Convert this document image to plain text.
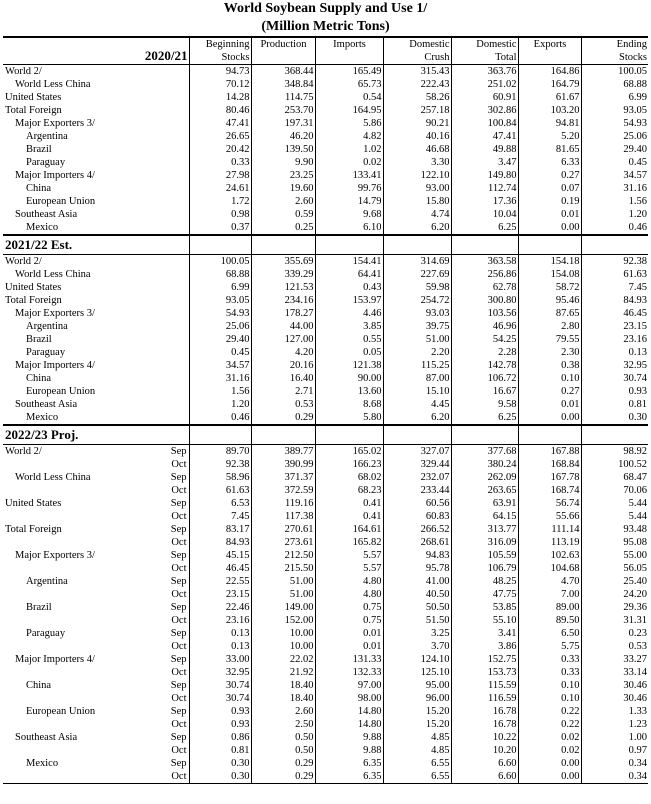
World Soybean Supply and Use 1/
(Million Metric Tons)
2020/21		Beginning	Production	Imports	Domestic	Domestic	Exports	Ending
		Stocks			Crush	Total		Stocks
World 2/		94.73	368.44	165.49	315.43	363.76	164.86	100.05
World Less China		70.12	348.84	65.73	222.43	251.02	164.79	68.88
United States		14.28	114.75	0.54	58.26	60.91	61.67	6.99
Total Foreign		80.46	253.70	164.95	257.18	302.86	103.20	93.05
Major Exporters 3/		47.41	197.31	5.86	90.21	100.84	94.81	54.93
Argentina		26.65	46.20	4.82	40.16	47.41	5.20	25.06
Brazil		20.42	139.50	1.02	46.68	49.88	81.65	29.40
Paraguay		0.33	9.90	0.02	3.30	3.47	6.33	0.45
Major Importers 4/		27.98	23.25	133.41	122.10	149.80	0.27	34.57
China		24.61	19.60	99.76	93.00	112.74	0.07	31.16
European Union		1.72	2.60	14.79	15.80	17.36	0.19	1.56
Southeast Asia		0.98	0.59	9.68	4.74	10.04	0.01	1.20
Mexico		0.37	0.25	6.10	6.20	6.25	0.00	0.46
2021/22 Est.								
World 2/		100.05	355.69	154.41	314.69	363.58	154.18	92.38
World Less China		68.88	339.29	64.41	227.69	256.86	154.08	61.63
United States		6.99	121.53	0.43	59.98	62.78	58.72	7.45
Total Foreign		93.05	234.16	153.97	254.72	300.80	95.46	84.93
Major Exporters 3/		54.93	178.27	4.46	93.03	103.56	87.65	46.45
Argentina		25.06	44.00	3.85	39.75	46.96	2.80	23.15
Brazil		29.40	127.00	0.55	51.00	54.25	79.55	23.16
Paraguay		0.45	4.20	0.05	2.20	2.28	2.30	0.13
Major Importers 4/		34.57	20.16	121.38	115.25	142.78	0.38	32.95
China		31.16	16.40	90.00	87.00	106.72	0.10	30.74
European Union		1.56	2.71	13.60	15.10	16.67	0.27	0.93
Southeast Asia		1.20	0.53	8.68	4.45	9.58	0.01	0.81
Mexico		0.46	0.29	5.80	6.20	6.25	0.00	0.30
2022/23 Proj.								
World 2/	Sep	89.70	389.77	165.02	327.07	377.68	167.88	98.92
	Oct	92.38	390.99	166.23	329.44	380.24	168.84	100.52
World Less China	Sep	58.96	371.37	68.02	232.07	262.09	167.78	68.47
	Oct	61.63	372.59	68.23	233.44	263.65	168.74	70.06
United States	Sep	6.53	119.16	0.41	60.56	63.91	56.74	5.44
	Oct	7.45	117.38	0.41	60.83	64.15	55.66	5.44
Total Foreign	Sep	83.17	270.61	164.61	266.52	313.77	111.14	93.48
	Oct	84.93	273.61	165.82	268.61	316.09	113.19	95.08
Major Exporters 3/	Sep	45.15	212.50	5.57	94.83	105.59	102.63	55.00
	Oct	46.45	215.50	5.57	95.78	106.79	104.68	56.05
Argentina	Sep	22.55	51.00	4.80	41.00	48.25	4.70	25.40
	Oct	23.15	51.00	4.80	40.50	47.75	7.00	24.20
Brazil	Sep	22.46	149.00	0.75	50.50	53.85	89.00	29.36
	Oct	23.16	152.00	0.75	51.50	55.10	89.50	31.31
Paraguay	Sep	0.13	10.00	0.01	3.25	3.41	6.50	0.23
	Oct	0.13	10.00	0.01	3.70	3.86	5.75	0.53
Major Importers 4/	Sep	33.00	22.02	131.33	124.10	152.75	0.33	33.27
	Oct	32.95	21.92	132.33	125.10	153.73	0.33	33.14
China	Sep	30.74	18.40	97.00	95.00	115.59	0.10	30.46
	Oct	30.74	18.40	98.00	96.00	116.59	0.10	30.46
European Union	Sep	0.93	2.60	14.80	15.20	16.78	0.22	1.33
	Oct	0.93	2.50	14.80	15.20	16.78	0.22	1.23
Southeast Asia	Sep	0.86	0.50	9.88	4.85	10.22	0.02	1.00
	Oct	0.81	0.50	9.88	4.85	10.20	0.02	0.97
Mexico	Sep	0.30	0.29	6.35	6.55	6.60	0.00	0.34
	Oct	0.30	0.29	6.35	6.55	6.60	0.00	0.34
